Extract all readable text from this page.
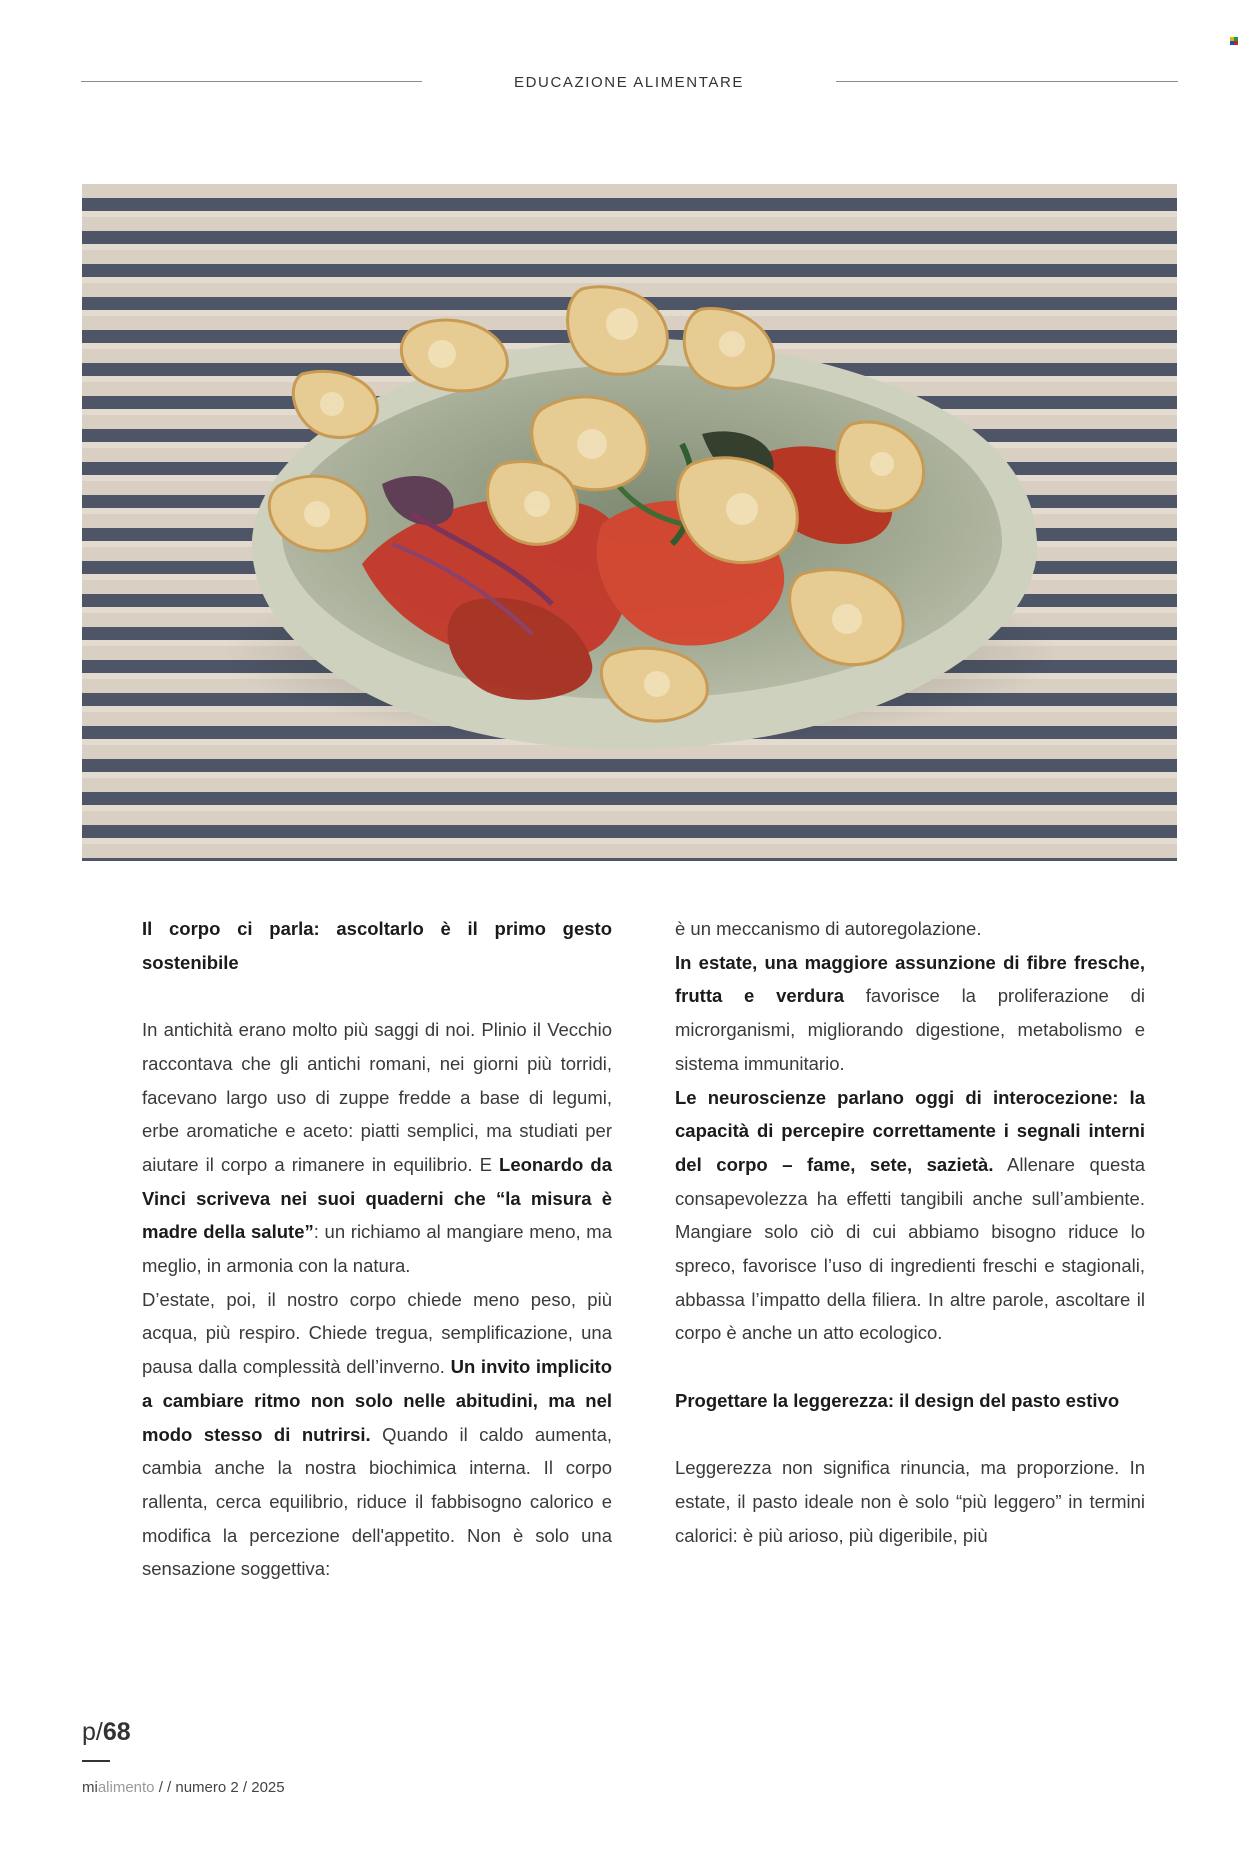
EDUCAZIONE ALIMENTARE

Il corpo ci parla: ascoltarlo è il primo gesto sostenibile

In antichità erano molto più saggi di noi. Plinio il Vecchio raccontava che gli antichi romani, nei giorni più torridi, facevano largo uso di zuppe fredde a base di legumi, erbe aromatiche e aceto: piatti semplici, ma studiati per aiutare il corpo a rimanere in equilibrio. E Leonardo da Vinci scriveva nei suoi quaderni che “la misura è madre della salute”: un richiamo al mangiare meno, ma meglio, in armonia con la natura.

D’estate, poi, il nostro corpo chiede meno peso, più acqua, più respiro. Chiede tregua, semplificazione, una pausa dalla complessità dell’inverno. Un invito implicito a cambiare ritmo non solo nelle abitudini, ma nel modo stesso di nutrirsi. Quando il caldo aumenta, cambia anche la nostra biochimica interna. Il corpo rallenta, cerca equilibrio, riduce il fabbisogno calorico e modifica la percezione dell'appetito. Non è solo una sensazione soggettiva:

è un meccanismo di autoregolazione.

In estate, una maggiore assunzione di fibre fresche, frutta e verdura favorisce la proliferazione di microrganismi, migliorando digestione, metabolismo e sistema immunitario.

Le neuroscienze parlano oggi di interocezione: la capacità di percepire correttamente i segnali interni del corpo – fame, sete, sazietà. Allenare questa consapevolezza ha effetti tangibili anche sull’ambiente. Mangiare solo ciò di cui abbiamo bisogno riduce lo spreco, favorisce l’uso di ingredienti freschi e stagionali, abbassa l’impatto della filiera. In altre parole, ascoltare il corpo è anche un atto ecologico.

Progettare la leggerezza: il design del pasto estivo

Leggerezza non significa rinuncia, ma proporzione. In estate, il pasto ideale non è solo “più leggero” in termini calorici: è più arioso, più digeribile, più

p/68
mialimento / / numero 2 / 2025
